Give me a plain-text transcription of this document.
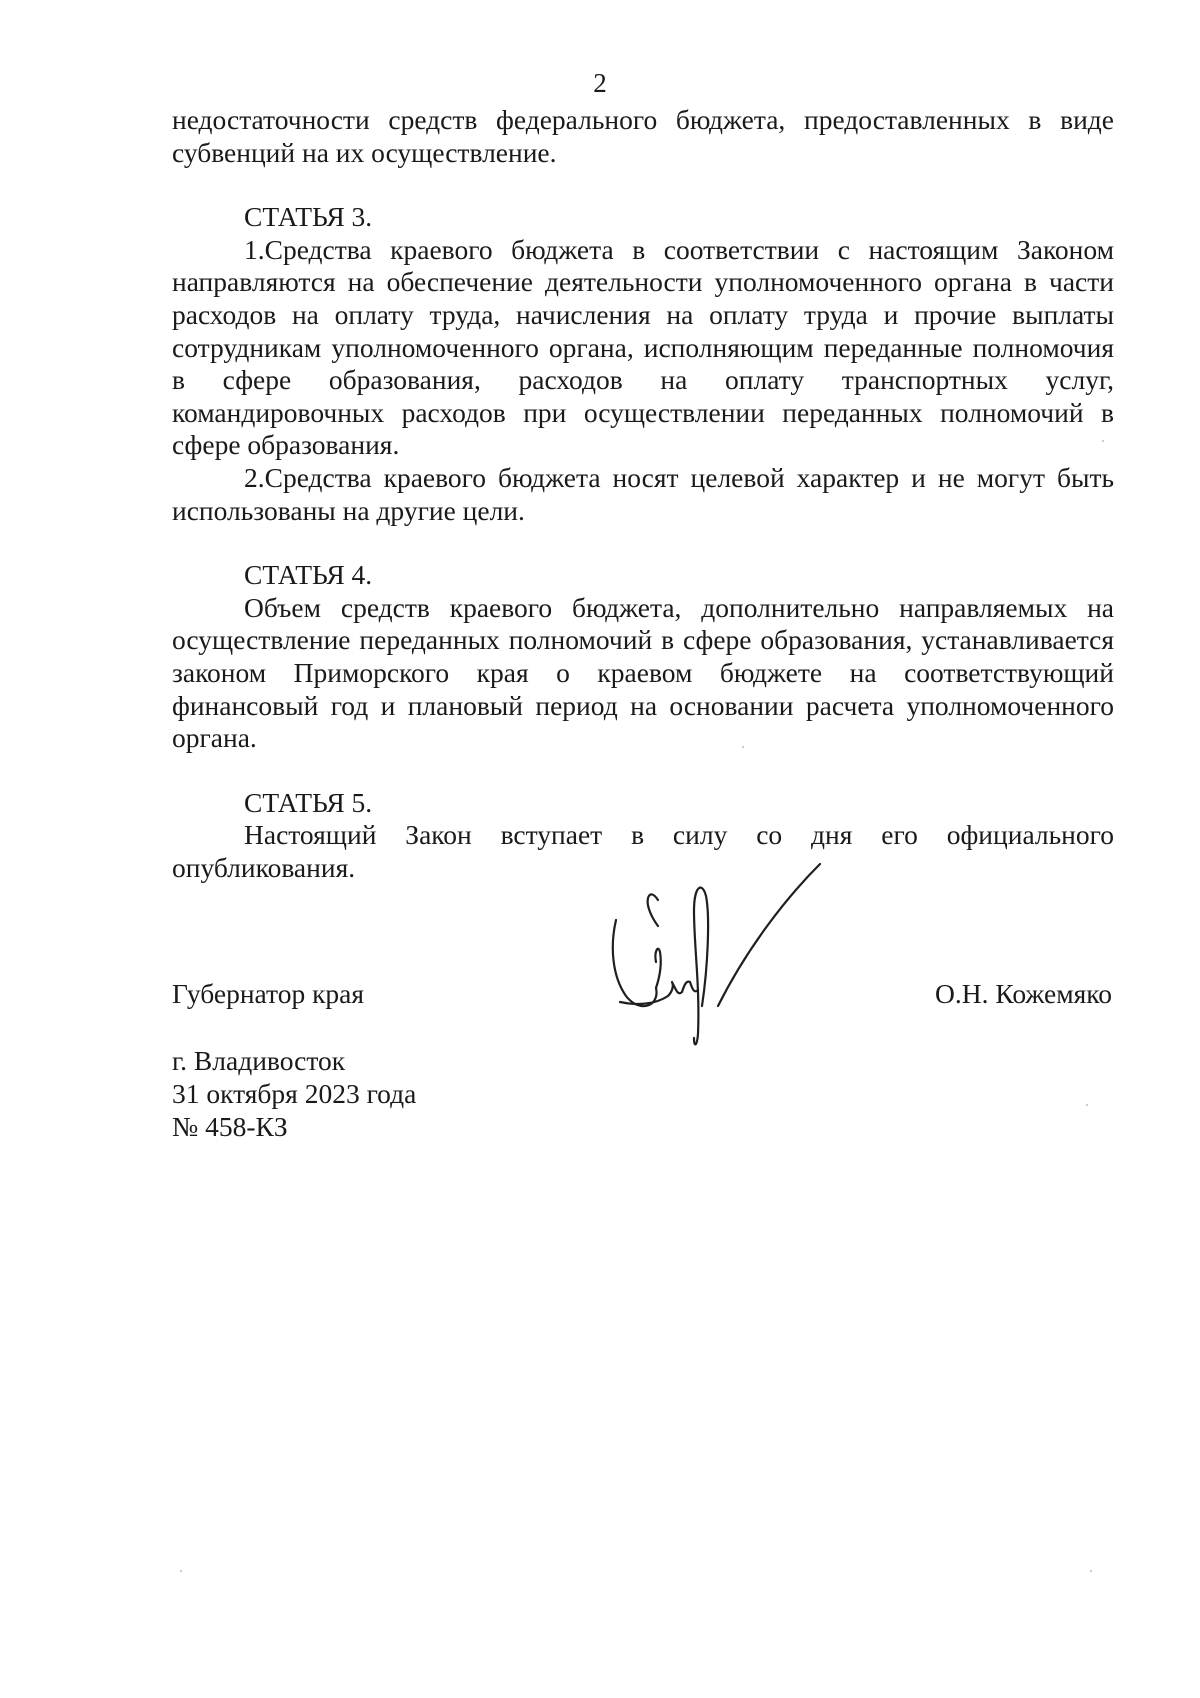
2

недостаточности средств федерального бюджета, предоставленных в виде субвенций на их осуществление.

СТАТЬЯ 3.

1.Средства краевого бюджета в соответствии с настоящим Законом направляются на обеспечение деятельности уполномоченного органа в части расходов на оплату труда, начисления на оплату труда и прочие выплаты сотрудникам уполномоченного органа, исполняющим переданные полномочия в сфере образования, расходов на оплату транспортных услуг, командировочных расходов при осуществлении переданных полномочий в сфере образования.

2.Средства краевого бюджета носят целевой характер и не могут быть использованы на другие цели.

СТАТЬЯ 4.

Объем средств краевого бюджета, дополнительно направляемых на осуществление переданных полномочий в сфере образования, устанавливается законом Приморского края о краевом бюджете на соответствующий финансовый год и плановый период на основании расчета уполномоченного органа.

СТАТЬЯ 5.

Настоящий Закон вступает в силу со дня его официального опубликования.

Губернатор края	О.Н. Кожемяко

г. Владивосток

31 октября 2023 года

№ 458-КЗ
